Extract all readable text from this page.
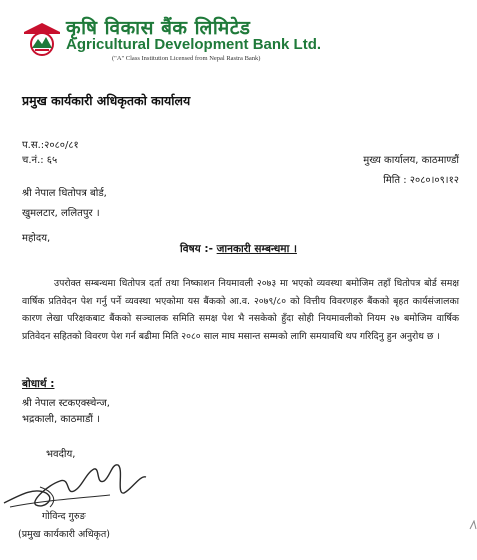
कृषि विकास बैंक लिमिटेड
Agricultural Development Bank Ltd.
("A" Class Institution Licensed from Nepal Rastra Bank)
प्रमुख कार्यकारी अधिकृतको कार्यालय
प.स.:२०८०/८१
च.नं.: ६५	मुख्य कार्यालय, काठमाण्डौं
मिति : २०८०।०९।१२
श्री नेपाल धितोपत्र बोर्ड,
खुमलटार, ललितपुर ।
महोदय,
विषय :- जानकारी सम्बन्धमा ।
उपरोक्त सम्बन्धमा धितोपत्र दर्ता तथा निष्काशन नियमावली २०७३ मा भएको व्यवस्था बमोजिम तहाँ धितोपत्र बोर्ड समक्ष वार्षिक प्रतिवेदन पेश गर्नु पर्ने व्यवस्था भएकोमा यस बैंकको आ.व. २०७९/८० को वित्तीय विवरणहरु बैंकको बृहत कार्यसंजालका कारण लेखा परिक्षकबाट बैंकको सञ्चालक समिति समक्ष पेश भै नसकेको हुँदा सोही नियमावलीको नियम २७ बमोजिम वार्षिक प्रतिवेदन सहितको विवरण पेश गर्न बढीमा मिति २०८० साल माघ मसान्त सम्मको लागि समयावधि थप गरिदिनु हुन अनुरोध छ ।
बोधार्थ :
श्री नेपाल स्टकएक्स्चेन्ज,
भद्रकाली, काठमाडौं ।
भवदीय,
गोविन्द गुरुङ
(प्रमुख कार्यकारी अधिकृत)
